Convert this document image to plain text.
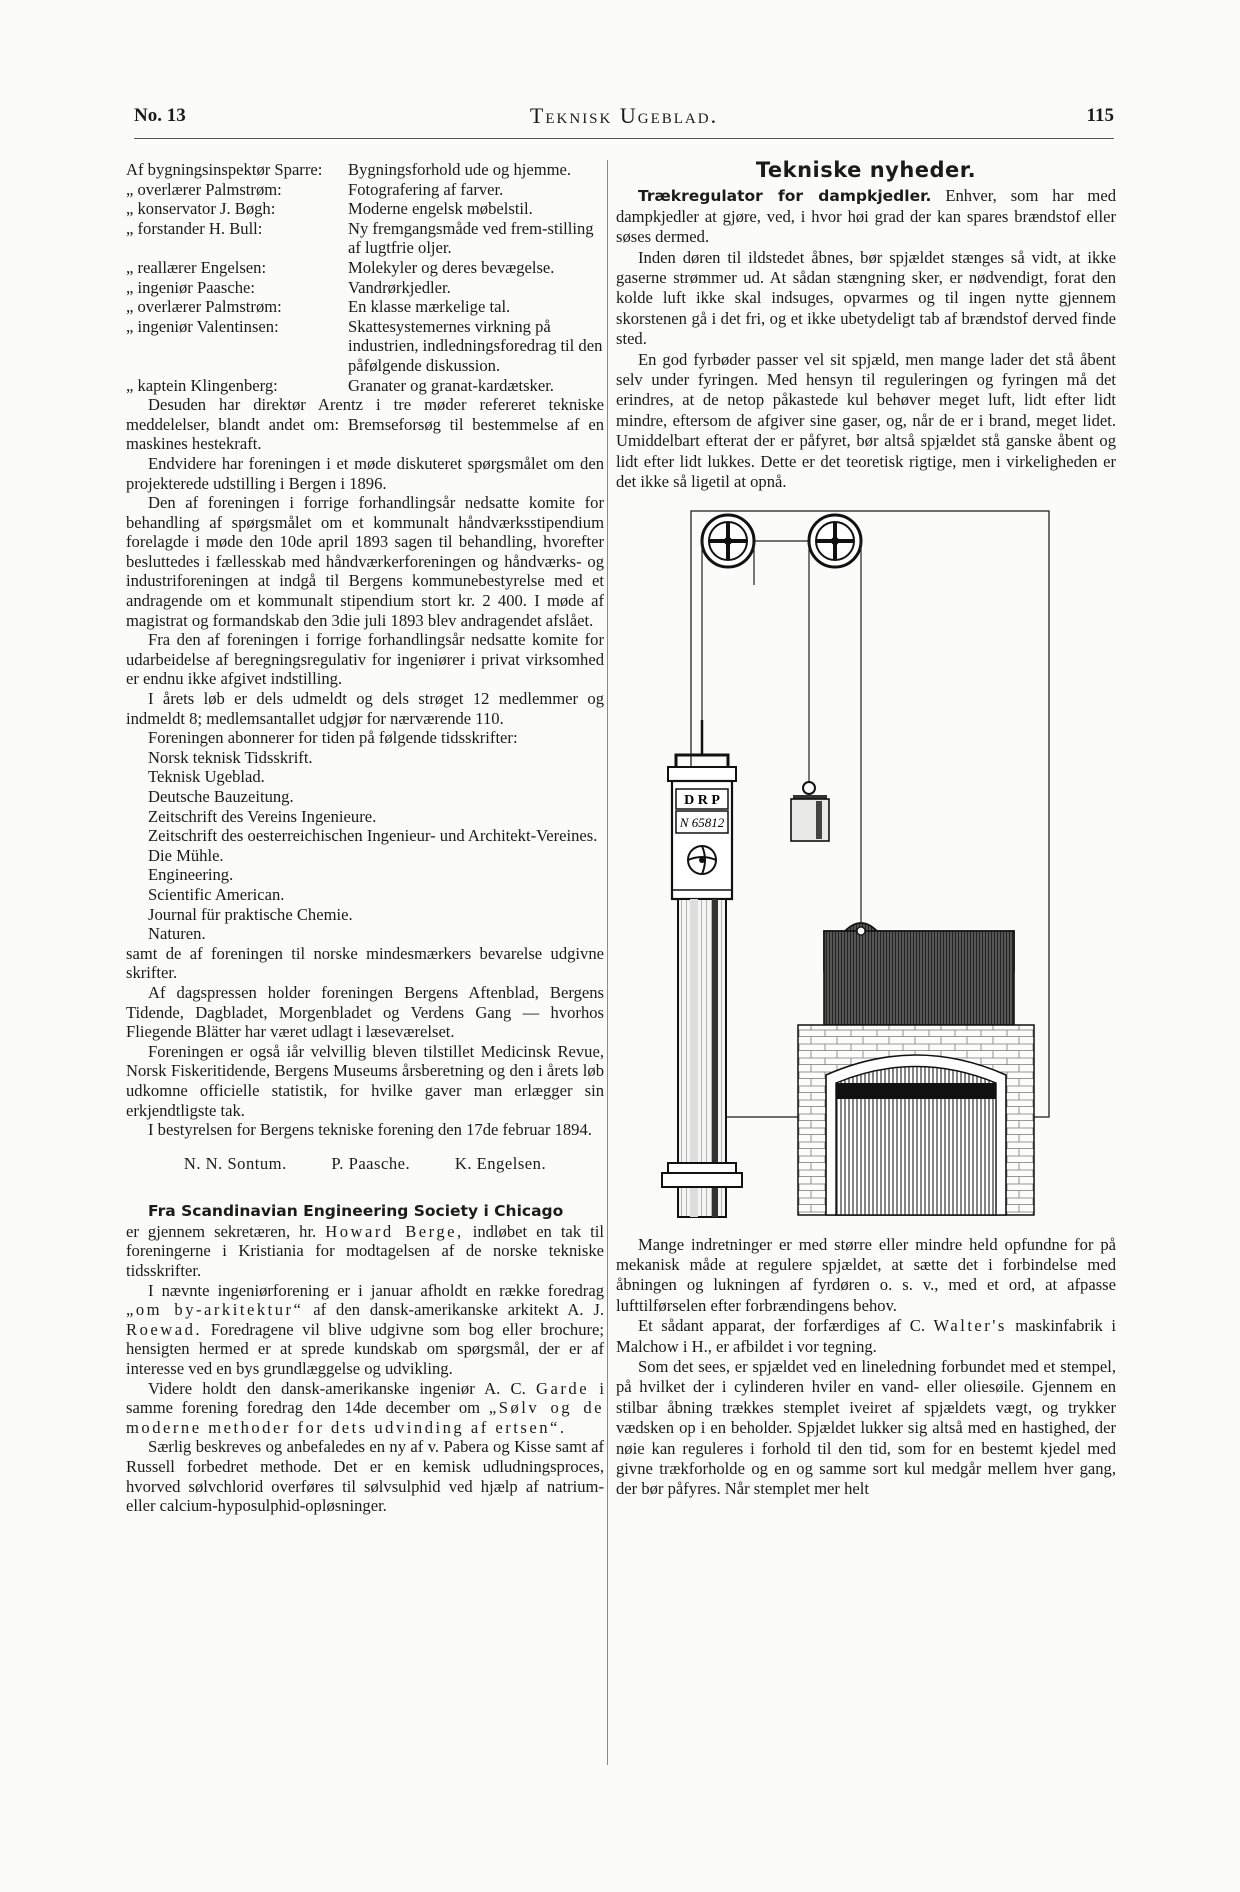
No. 13	Teknisk Ugeblad.	115
Af bygningsinspektør Sparre:	Bygningsforhold ude og hjemme.
„ overlærer Palmstrøm:	Fotografering af farver.
„ konservator J. Bøgh:	Moderne engelsk møbelstil.
„ forstander H. Bull:	Ny fremgangsmåde ved frem-stilling af lugtfrie oljer.
„ reallærer Engelsen:	Molekyler og deres bevægelse.
„ ingeniør Paasche:	Vandrørkjedler.
„ overlærer Palmstrøm:	En klasse mærkelige tal.
„ ingeniør Valentinsen:	Skattesystemernes virkning på industrien, indledningsforedrag til den påfølgende diskussion.
„ kaptein Klingenberg:	Granater og granat-kardætsker.

Desuden har direktør Arentz i tre møder refereret tekniske meddelelser, blandt andet om: Bremseforsøg til bestemmelse af en maskines hestekraft.

Endvidere har foreningen i et møde diskuteret spørgsmålet om den projekterede udstilling i Bergen i 1896.

Den af foreningen i forrige forhandlingsår nedsatte komite for behandling af spørgsmålet om et kommunalt håndværksstipendium forelagde i møde den 10de april 1893 sagen til behandling, hvorefter besluttedes i fællesskab med håndværkerforeningen og håndværks- og industriforeningen at indgå til Bergens kommunebestyrelse med et andragende om et kommunalt stipendium stort kr. 2 400. I møde af magistrat og formandskab den 3die juli 1893 blev andragendet afslået.

Fra den af foreningen i forrige forhandlingsår nedsatte komite for udarbeidelse af beregningsregulativ for ingeniører i privat virksomhed er endnu ikke afgivet indstilling.

I årets løb er dels udmeldt og dels strøget 12 medlemmer og indmeldt 8; medlemsantallet udgjør for nærværende 110.

Foreningen abonnerer for tiden på følgende tidsskrifter:

Norsk teknisk Tidsskrift.
Teknisk Ugeblad.
Deutsche Bauzeitung.
Zeitschrift des Vereins Ingenieure.

Zeitschrift des oesterreichischen Ingenieur- und Architekt-Vereines.

Die Mühle.
Engineering.
Scientific American.
Journal für praktische Chemie.
Naturen.

samt de af foreningen til norske mindesmærkers bevarelse udgivne skrifter.

Af dagspressen holder foreningen Bergens Aftenblad, Bergens Tidende, Dagbladet, Morgenbladet og Verdens Gang — hvorhos Fliegende Blätter har været udlagt i læseværelset.

Foreningen er også iår velvillig bleven tilstillet Medicinsk Revue, Norsk Fiskeritidende, Bergens Museums årsberetning og den i årets løb udkomne officielle statistik, for hvilke gaver man erlægger sin erkjendtligste tak.

I bestyrelsen for Bergens tekniske forening den 17de februar 1894.

N. N. Sontum.	P. Paasche.	K. Engelsen.

Fra Scandinavian Engineering Society i Chicago

er gjennem sekretæren, hr. Howard Berge, indløbet en tak til foreningerne i Kristiania for modtagelsen af de norske tekniske tidsskrifter.

I nævnte ingeniørforening er i januar afholdt en række foredrag „om by-arkitektur“ af den dansk-amerikanske arkitekt A. J. Roewad. Foredragene vil blive udgivne som bog eller brochure; hensigten hermed er at sprede kundskab om spørgsmål, der er af interesse ved en bys grundlæggelse og udvikling.

Videre holdt den dansk-amerikanske ingeniør A. C. Garde i samme forening foredrag den 14de december om „Sølv og de moderne methoder for dets udvinding af ertsen“.

Særlig beskreves og anbefaledes en ny af v. Pabera og Kisse samt af Russell forbedret methode. Det er en kemisk udludningsproces, hvorved sølvchlorid overføres til sølvsulphid ved hjælp af natrium- eller calcium-hyposulphid-opløsninger.

Tekniske nyheder.

Trækregulator for dampkjedler. Enhver, som har med dampkjedler at gjøre, ved, i hvor høi grad der kan spares brændstof eller søses dermed.

Inden døren til ildstedet åbnes, bør spjældet stænges så vidt, at ikke gaserne strømmer ud. At sådan stængning sker, er nødvendigt, forat den kolde luft ikke skal indsuges, opvarmes og til ingen nytte gjennem skorstenen gå i det fri, og et ikke ubetydeligt tab af brændstof derved finde sted.

En god fyrbøder passer vel sit spjæld, men mange lader det stå åbent selv under fyringen. Med hensyn til reguleringen og fyringen må det erindres, at de netop påkastede kul behøver meget luft, lidt efter lidt mindre, eftersom de afgiver sine gaser, og, når de er i brand, meget lidet. Umiddelbart efterat der er påfyret, bør altså spjældet stå ganske åbent og lidt efter lidt lukkes. Dette er det teoretisk rigtige, men i virkeligheden er det ikke så ligetil at opnå.

D R P
N 65812

Mange indretninger er med større eller mindre held opfundne for på mekanisk måde at regulere spjældet, at sætte det i forbindelse med åbningen og lukningen af fyrdøren o. s. v., med et ord, at afpasse lufttilførselen efter forbrændingens behov.

Et sådant apparat, der forfærdiges af C. Walter's maskinfabrik i Malchow i H., er afbildet i vor tegning.

Som det sees, er spjældet ved en lineledning forbundet med et stempel, på hvilket der i cylinderen hviler en vand- eller oliesøile. Gjennem en stilbar åbning trækkes stemplet iveiret af spjældets vægt, og trykker vædsken op i en beholder. Spjældet lukker sig altså med en hastighed, der nøie kan reguleres i forhold til den tid, som for en bestemt kjedel med givne trækforholde og en og samme sort kul medgår mellem hver gang, der bør påfyres. Når stemplet mer helt
